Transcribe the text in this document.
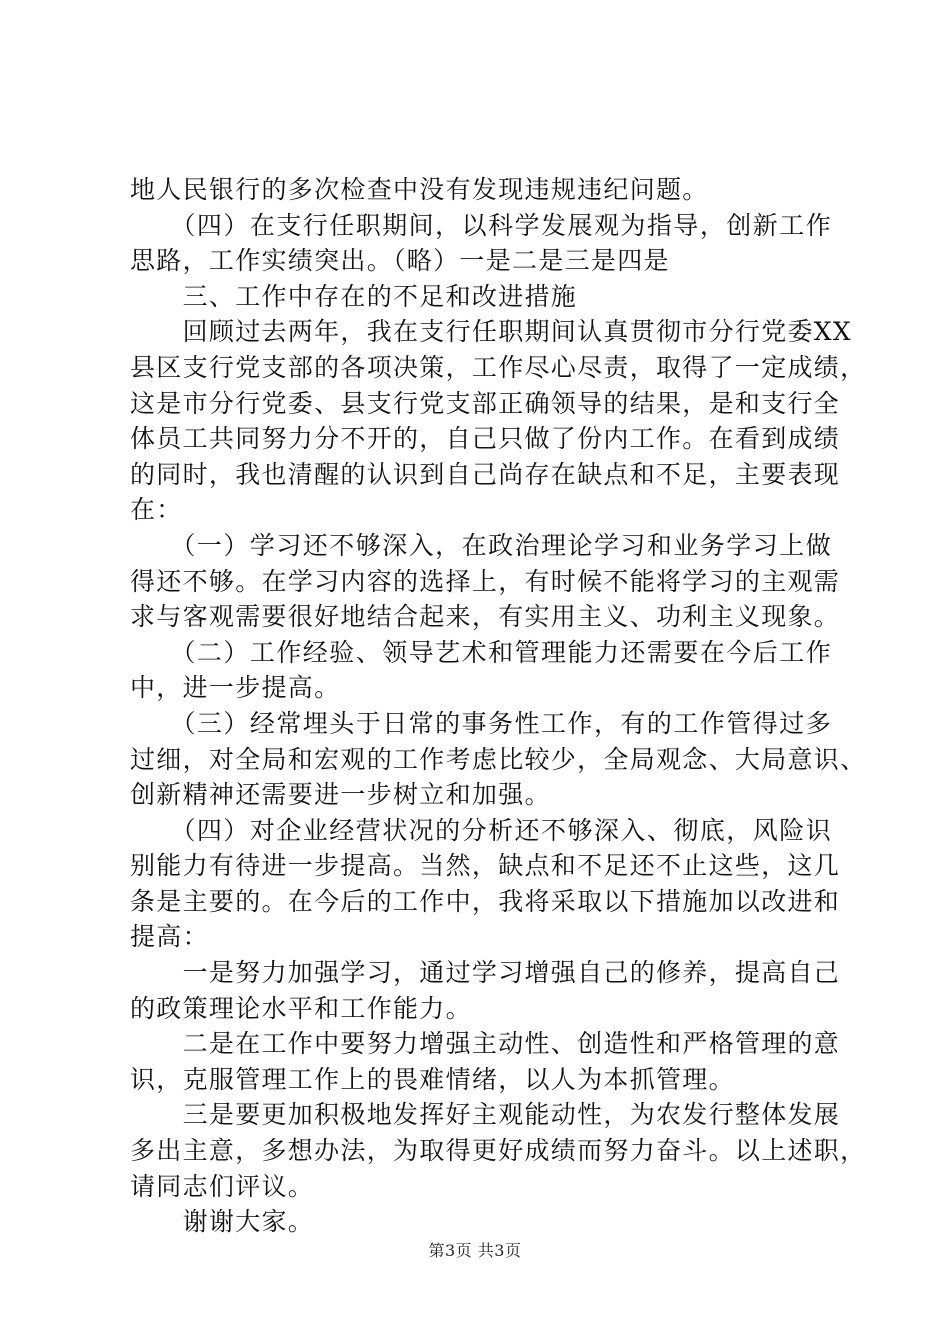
地人民银行的多次检查中没有发现违规违纪问题。
　　（四）在支行任职期间，以科学发展观为指导，创新工作
思路，工作实绩突出。（略）一是二是三是四是
　　三、工作中存在的不足和改进措施
　　回顾过去两年，我在支行任职期间认真贯彻市分行党委XX
县区支行党支部的各项决策，工作尽心尽责，取得了一定成绩，
这是市分行党委、县支行党支部正确领导的结果，是和支行全
体员工共同努力分不开的，自己只做了份内工作。在看到成绩
的同时，我也清醒的认识到自己尚存在缺点和不足，主要表现
在：
　　（一）学习还不够深入，在政治理论学习和业务学习上做
得还不够。在学习内容的选择上，有时候不能将学习的主观需
求与客观需要很好地结合起来，有实用主义、功利主义现象。
　　（二）工作经验、领导艺术和管理能力还需要在今后工作
中，进一步提高。
　　（三）经常埋头于日常的事务性工作，有的工作管得过多
过细，对全局和宏观的工作考虑比较少，全局观念、大局意识、
创新精神还需要进一步树立和加强。
　　（四）对企业经营状况的分析还不够深入、彻底，风险识
别能力有待进一步提高。当然，缺点和不足还不止这些，这几
条是主要的。在今后的工作中，我将采取以下措施加以改进和
提高：
　　一是努力加强学习，通过学习增强自己的修养，提高自己
的政策理论水平和工作能力。
　　二是在工作中要努力增强主动性、创造性和严格管理的意
识，克服管理工作上的畏难情绪，以人为本抓管理。
　　三是要更加积极地发挥好主观能动性，为农发行整体发展
多出主意，多想办法，为取得更好成绩而努力奋斗。以上述职，
请同志们评议。
　　谢谢大家。
第3页 共3页
